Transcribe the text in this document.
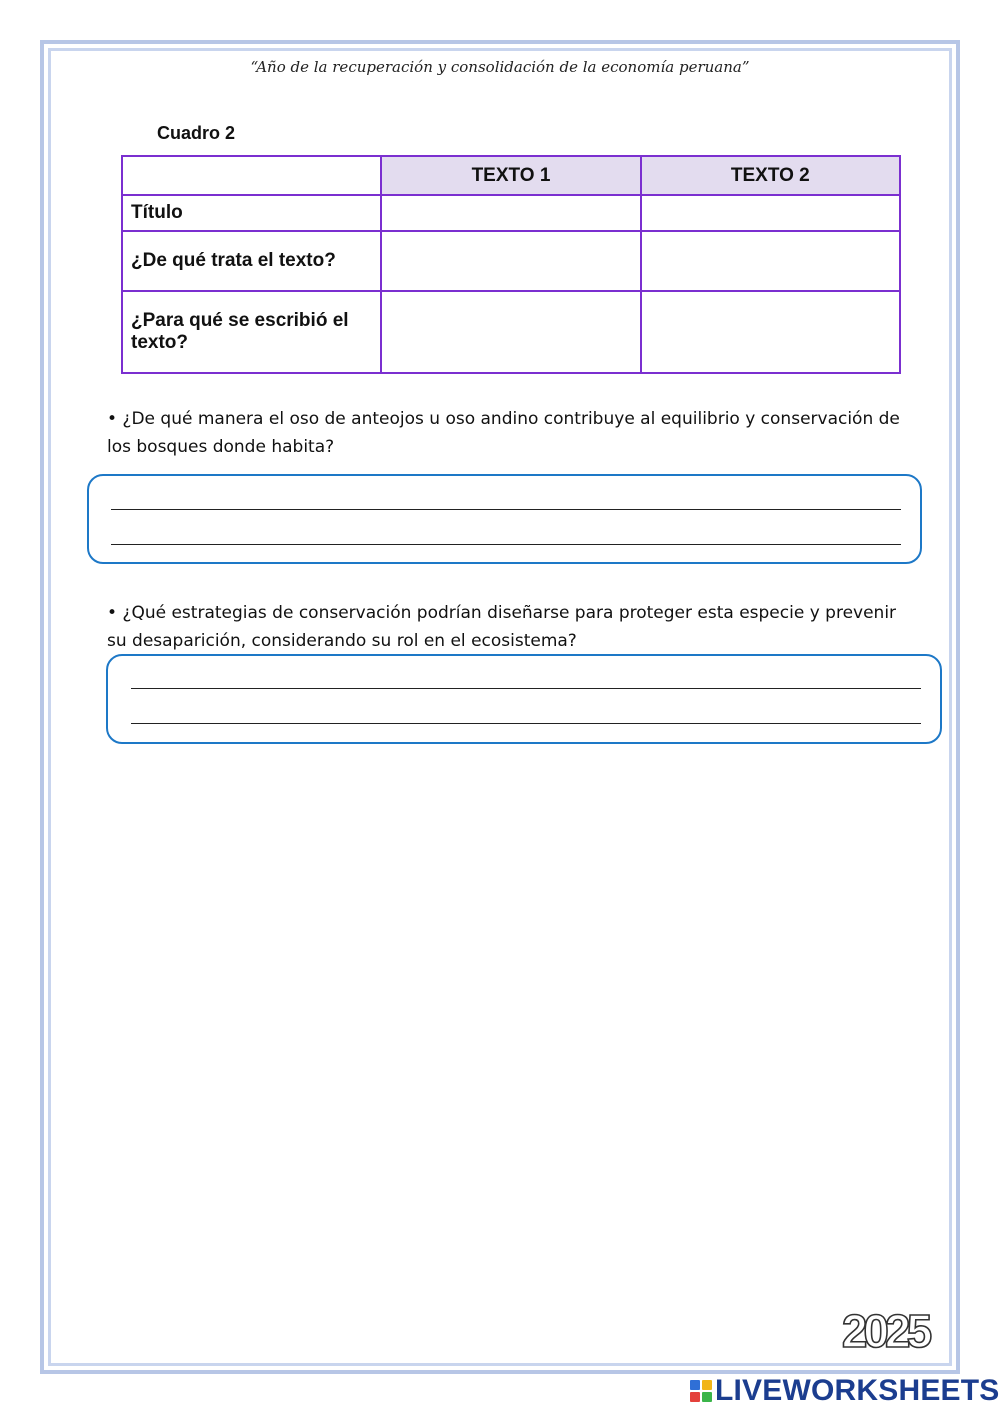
“Año de la recuperación y consolidación de la economía peruana”
Cuadro 2
	TEXTO 1	TEXTO 2
Título		
¿De qué trata el texto?		
¿Para qué se escribió el texto?		
• ¿De qué manera el oso de anteojos u oso andino contribuye al equilibrio y conservación de los bosques donde habita?
• ¿Qué estrategias de conservación podrían diseñarse para proteger esta especie y prevenir su desaparición, considerando su rol en el ecosistema?
2025
LIVEWORKSHEETS
